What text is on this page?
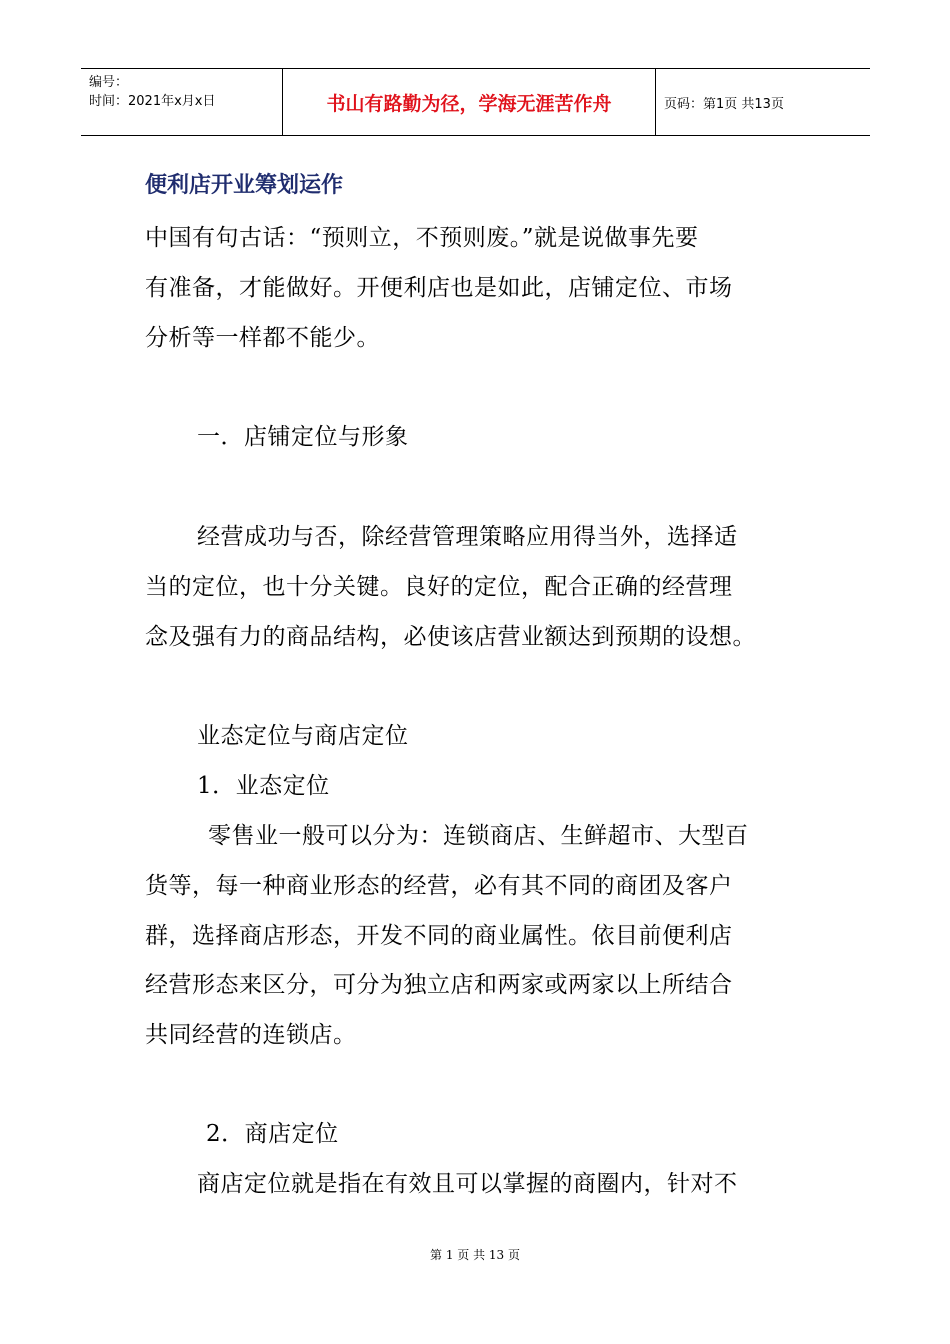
编号：
时间：2021年x月x日	书山有路勤为径，学海无涯苦作舟	页码：第1页 共13页
便利店开业筹划运作
中国有句古话：“预则立，不预则废。”就是说做事先要
有准备，才能做好。开便利店也是如此，店铺定位、市场
分析等一样都不能少。
一．店铺定位与形象
经营成功与否，除经营管理策略应用得当外，选择适
当的定位，也十分关键。良好的定位，配合正确的经营理
念及强有力的商品结构，必使该店营业额达到预期的设想。
业态定位与商店定位
1．业态定位
零售业一般可以分为：连锁商店、生鲜超市、大型百
货等，每一种商业形态的经营，必有其不同的商团及客户
群，选择商店形态，开发不同的商业属性。依目前便利店
经营形态来区分，可分为独立店和两家或两家以上所结合
共同经营的连锁店。
2．商店定位
商店定位就是指在有效且可以掌握的商圈内，针对不
第 1 页 共 13 页
